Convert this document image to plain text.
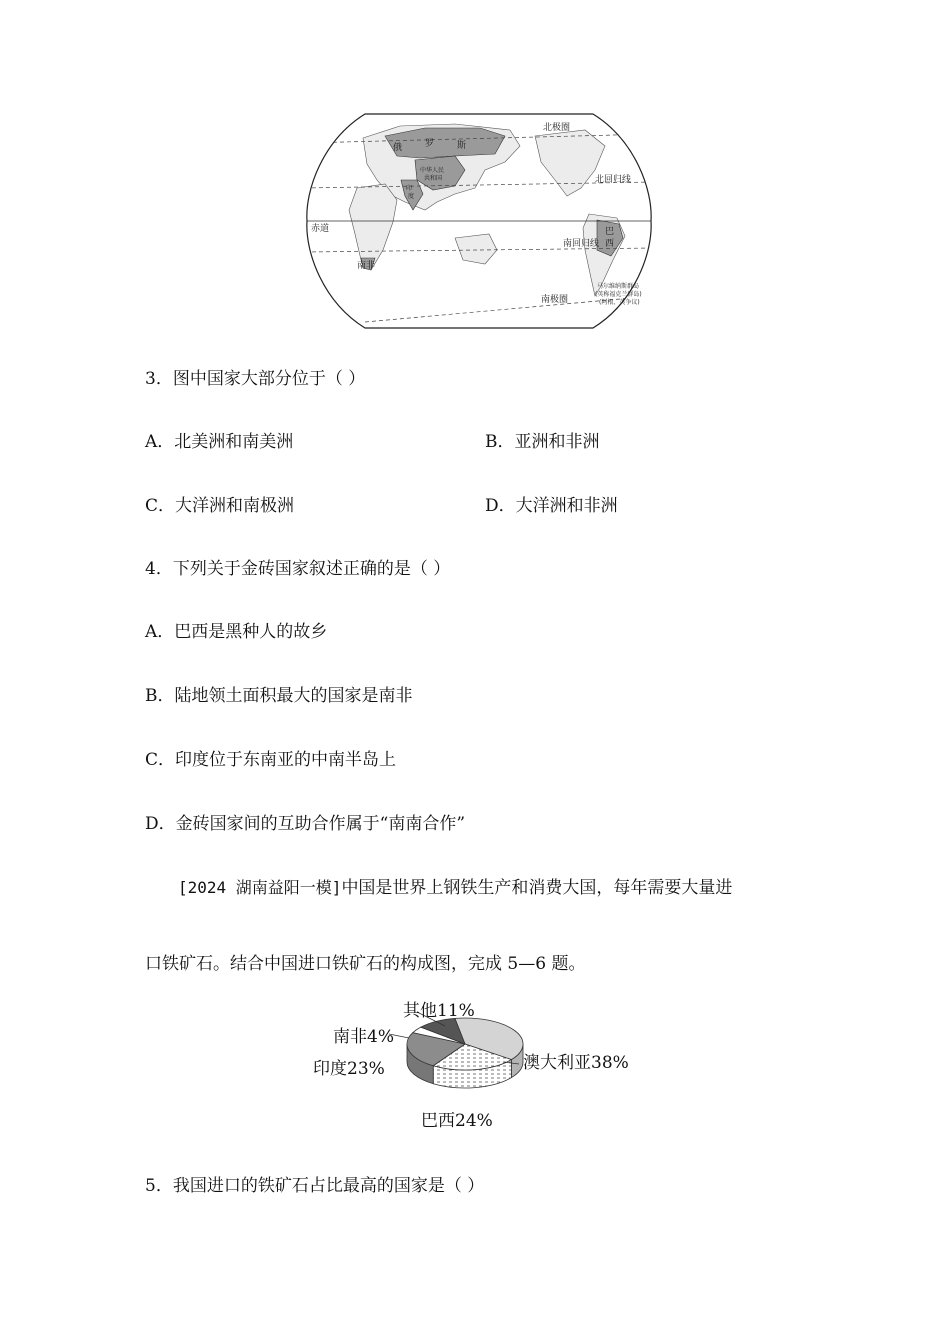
北极圈
北回归线
赤道
南回归线
南极圈
俄	罗	斯
中华人民
共和国
印
度
巴
西
南非
马尔维纳斯群岛
(英称福克兰群岛)
(阿根、英争议)
3．图中国家大部分位于（ ）
A．北美洲和南美洲	B．亚洲和非洲
C．大洋洲和南极洲	D．大洋洲和非洲
4．下列关于金砖国家叙述正确的是（ ）
A．巴西是黑种人的故乡
B．陆地领土面积最大的国家是南非
C．印度位于东南亚的中南半岛上
D．金砖国家间的互助合作属于“南南合作”
[2024 湖南益阳一模]中国是世界上钢铁生产和消费大国，每年需要大量进
口铁矿石。结合中国进口铁矿石的构成图，完成 5—6 题。
其他11%
南非4%
印度23%	澳大利亚38%
巴西24%
5．我国进口的铁矿石占比最高的国家是（ ）
